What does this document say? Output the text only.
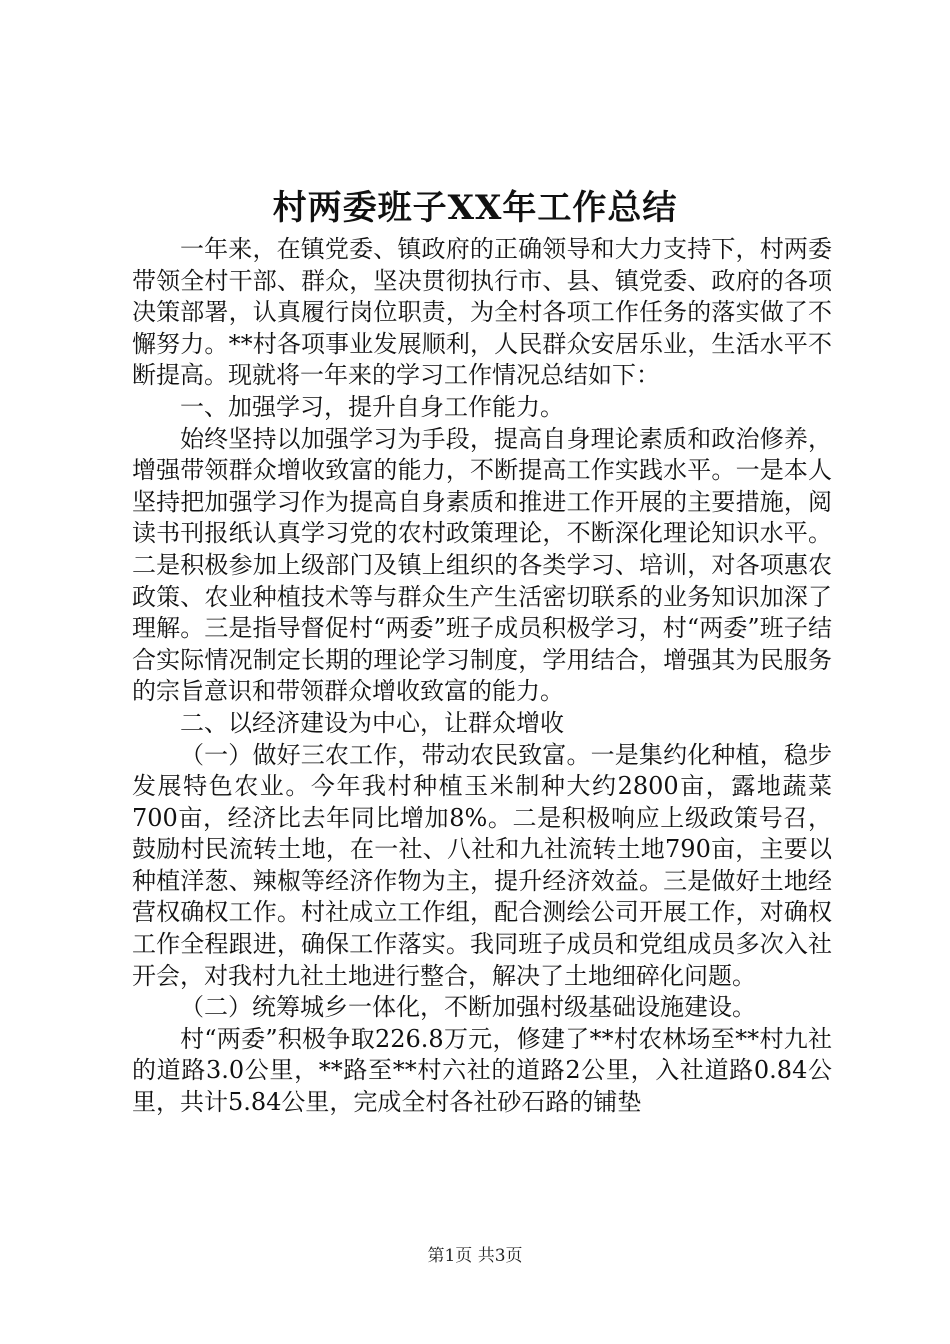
村两委班子XX年工作总结

一年来，在镇党委、镇政府的正确领导和大力支持下，村两委带领全村干部、群众，坚决贯彻执行市、县、镇党委、政府的各项决策部署，认真履行岗位职责，为全村各项工作任务的落实做了不懈努力。**村各项事业发展顺利，人民群众安居乐业，生活水平不断提高。现就将一年来的学习工作情况总结如下：

一、加强学习，提升自身工作能力。

始终坚持以加强学习为手段，提高自身理论素质和政治修养，增强带领群众增收致富的能力，不断提高工作实践水平。一是本人坚持把加强学习作为提高自身素质和推进工作开展的主要措施，阅读书刊报纸认真学习党的农村政策理论，不断深化理论知识水平。二是积极参加上级部门及镇上组织的各类学习、培训，对各项惠农政策、农业种植技术等与群众生产生活密切联系的业务知识加深了理解。三是指导督促村“两委”班子成员积极学习，村“两委”班子结合实际情况制定长期的理论学习制度，学用结合，增强其为民服务的宗旨意识和带领群众增收致富的能力。

二、以经济建设为中心，让群众增收

（一）做好三农工作，带动农民致富。一是集约化种植，稳步发展特色农业。今年我村种植玉米制种大约2800亩，露地蔬菜700亩，经济比去年同比增加8%。二是积极响应上级政策号召，鼓励村民流转土地，在一社、八社和九社流转土地790亩，主要以种植洋葱、辣椒等经济作物为主，提升经济效益。三是做好土地经营权确权工作。村社成立工作组，配合测绘公司开展工作，对确权工作全程跟进，确保工作落实。我同班子成员和党组成员多次入社开会，对我村九社土地进行整合，解决了土地细碎化问题。

（二）统筹城乡一体化，不断加强村级基础设施建设。

村“两委”积极争取226.8万元，修建了**村农林场至**村九社的道路3.0公里，**路至**村六社的道路2公里，入社道路0.84公里，共计5.84公里，完成全村各社砂石路的铺垫

第1页 共3页
